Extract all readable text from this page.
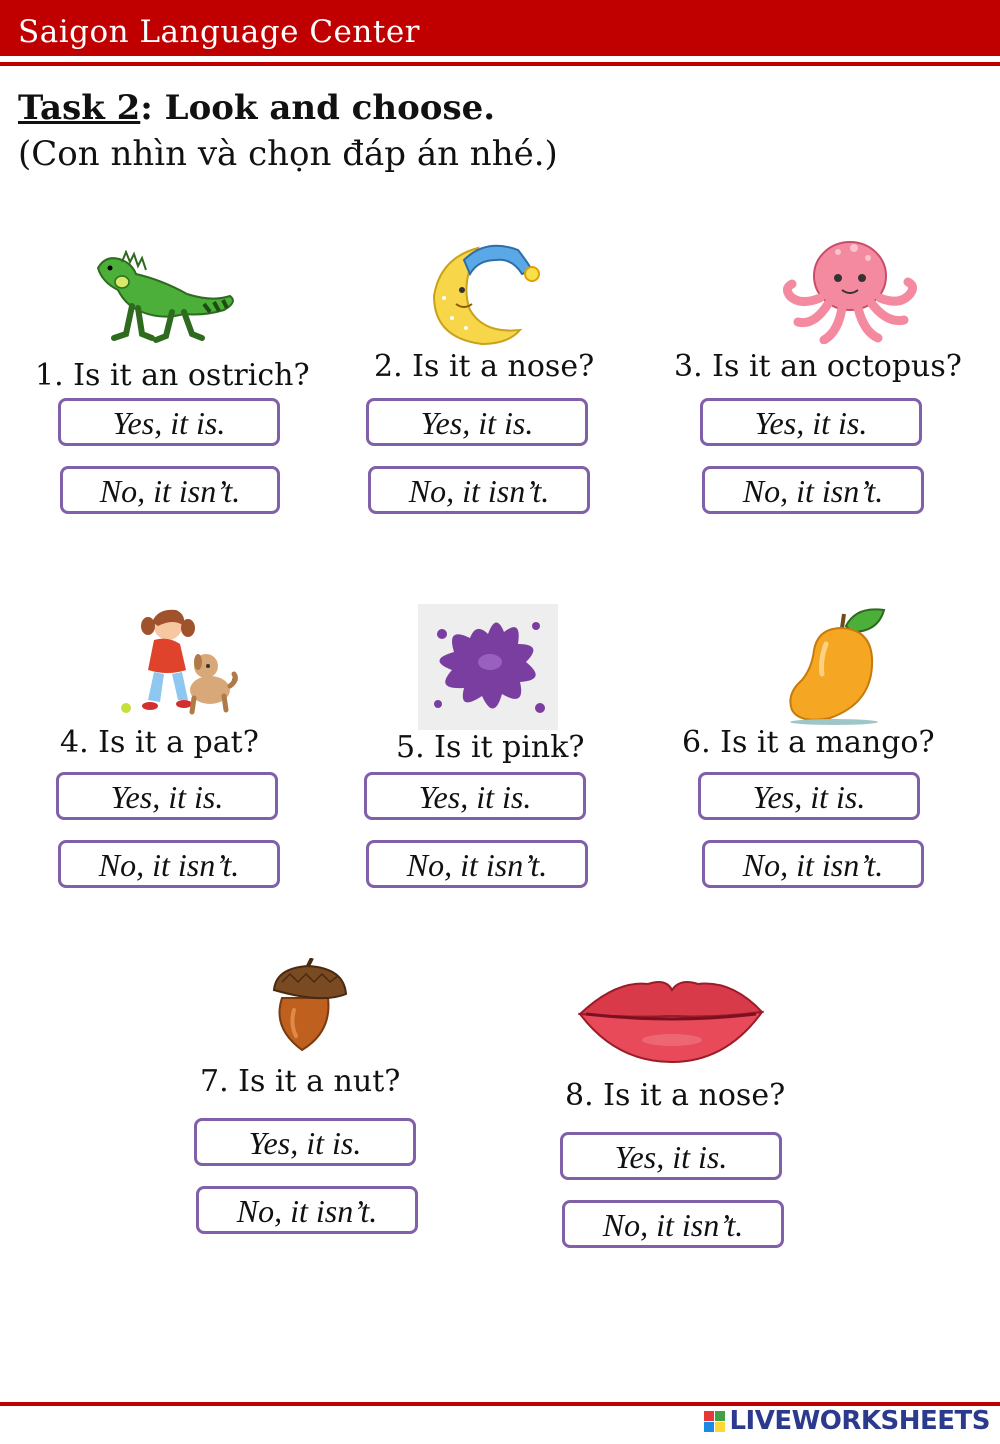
Saigon Language Center
Task 2: Look and choose.
(Con nhìn và chọn đáp án nhé.)
1. Is it an ostrich?
Yes, it is.
No, it isn’t.
2. Is it a nose?
Yes, it is.
No, it isn’t.
3. Is it an octopus?
Yes, it is.
No, it isn’t.
4. Is it a pat?
Yes, it is.
No, it isn’t.
5. Is it pink?
Yes, it is.
No, it isn’t.
6. Is it a mango?
Yes, it is.
No, it isn’t.
7. Is it a nut?
Yes, it is.
No, it isn’t.
8. Is it a nose?
Yes, it is.
No, it isn’t.
LIVEWORKSHEETS
